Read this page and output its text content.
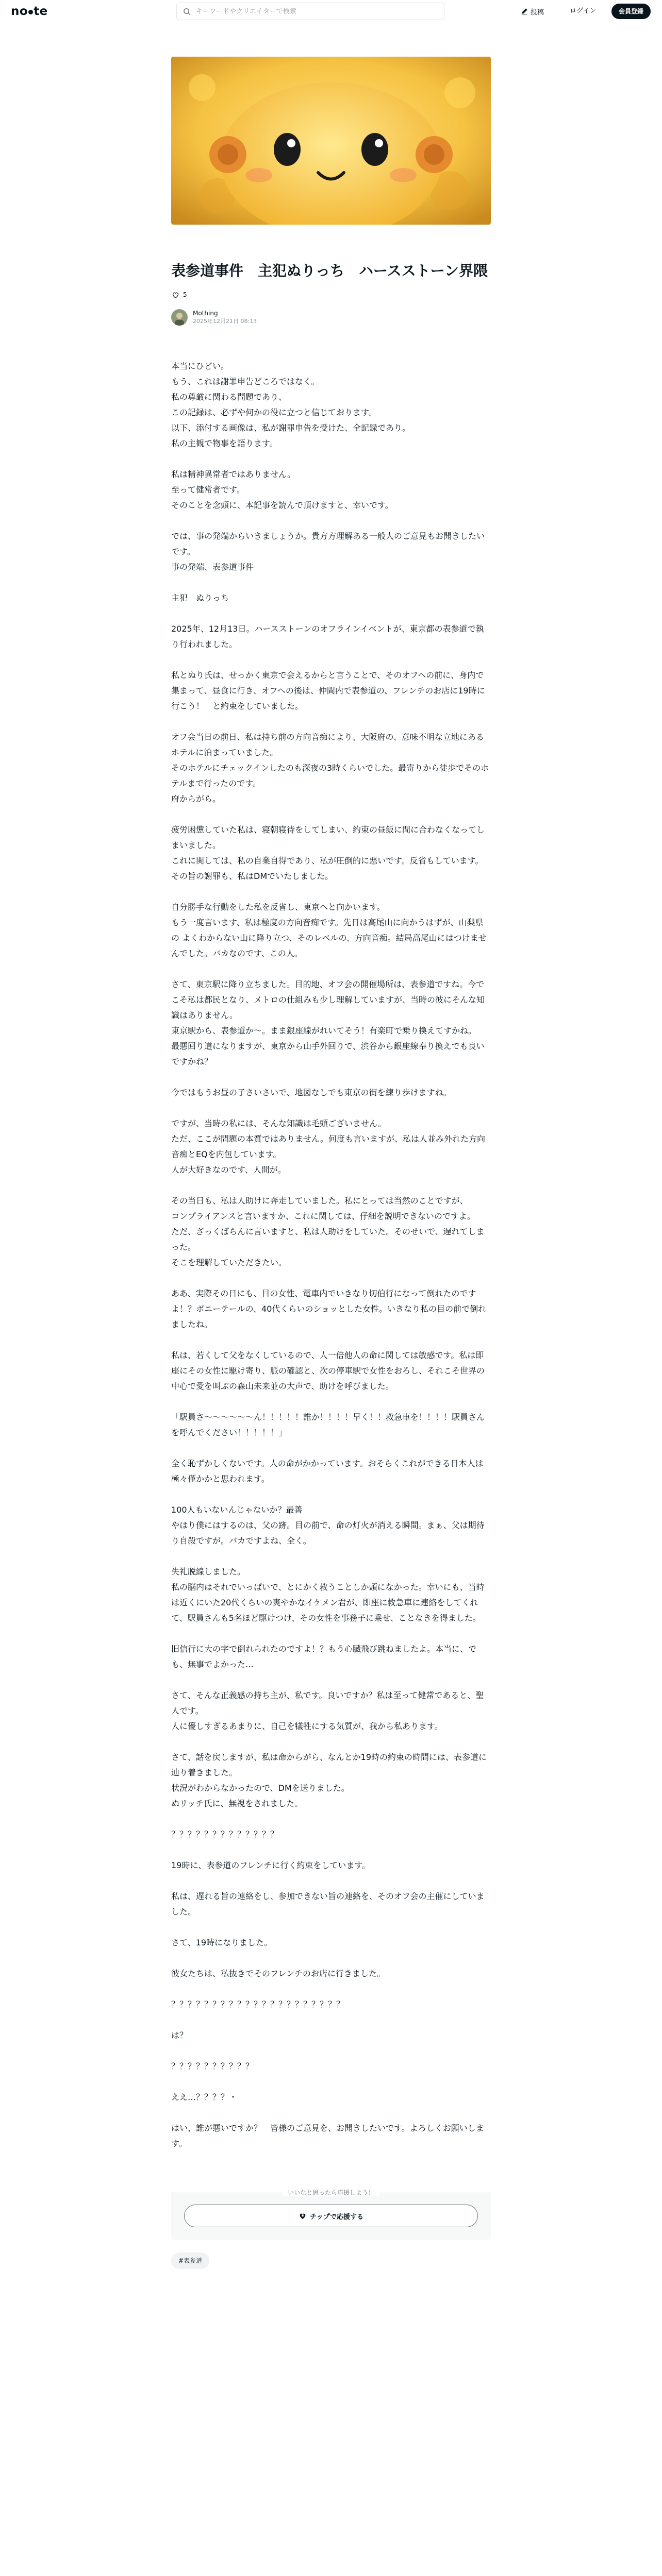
no te
キーワードやクリエイターで検索	投稿	ログイン	会員登録
表参道事件　主犯ぬりっち　ハースストーン界隈
5
Mothing
2025年12月21日 08:13

本当にひどい。
もう、これは謝罪申告どころではなく。
私の尊厳に関わる問題であり、
この記録は、必ずや何かの役に立つと信じております。
以下、添付する画像は、私が謝罪申告を受けた、全記録であり。
私の主観で物事を語ります。

私は精神異常者ではありません。
至って健常者です。
そのことを念頭に、本記事を読んで頂けますと、幸いです。

では、事の発端からいきましょうか。貴方方理解ある一般人のご意見もお聞きしたいです。
事の発端、表参道事件

主犯　ぬりっち

2025年、12月13日。ハースストーンのオフラインイベントが、東京都の表参道で執り行われました。

私とぬり氏は、せっかく東京で会えるからと言うことで、そのオフヘの前に、身内で集まって、昼食に行き、オフヘの後は、仲間内で表参道の、フレンチのお店に19時に行こう！　と約束をしていました。

オフ会当日の前日、私は持ち前の方向音痴により、大阪府の、意味不明な立地にあるホテルに泊まっていました。
そのホテルにチェックインしたのも深夜の3時くらいでした。最寄りから徒歩でそのホテルまで行ったのです。
府からがら。

疲労困憊していた私は、寝朝寝待をしてしまい、約束の昼飯に間に合わなくなってしまいました。
これに関しては、私の自業自得であり、私が圧倒的に悪いです。反省もしています。
その旨の謝罪も、私はDMでいたしました。

自分勝手な行動をした私を反省し、東京へと向かいます。
もう一度言います、私は極度の方向音痴です。先日は高尾山に向かうはずが、山梨県の よくわからない山に降り立つ、そのレベルの、方向音痴。結局高尾山にはつけませんでした。バカなのです、この人。

さて、東京駅に降り立ちました。目的地、オフ会の開催場所は、表参道ですね。今でこそ私は都民となり、メトロの仕組みも少し理解していますが、当時の彼にそんな知識はありません。
東京駅から、表参道か〜。まま銀座線がれいてそう！有楽町で乗り換えてすかね。
最悪回り道になりますが、東京から山手外回りで、渋谷から銀座線奉り換えでも良いですかね？

今ではもうお昼の子さいさいで、地図なしでも東京の街を練り歩けますね。

ですが、当時の私には、そんな知識は毛頭ございません。
ただ、ここが問題の本質ではありません。何度も言いますが、私は人並み外れた方向音痴とEQを内包しています。
人が大好きなのです、人間が。

その当日も、私は人助けに奔走していました。私にとっては当然のことですが、
コンプライアンスと言いますか、これに関しては、仔細を説明できないのですよ。
ただ、ざっくばらんに言いますと、私は人助けをしていた。そのせいで、遅れてしまった。
そこを理解していただきたい。

ああ、実際その日にも、目の女性、電車内でいきなり切伯行になって倒れたのですよ！？ボニーテールの、40代くらいのショッとした女性。いきなり私の目の前で倒れましたね。

私は、若くして父をなくしているので、人一倍他人の命に関しては敏感です。私は即座にその女性に駆け寄り、脈の確認と、次の停車駅で女性をおろし、それこそ世界の中心で愛を叫ぶの森山未来並の大声で、助けを呼びました。

「駅員さ〜〜〜〜〜〜ん！！！！！誰か！！！！早く！！救急車を！！！！駅員さんを呼んでください！！！！！」

全く恥ずかしくないです。人の命がかかっています。おそらくこれができる日本人は極々僅かかと思われます。

100人もいないんじゃないか？最善
やはり僕にはするのは、父の跡。目の前で、命の灯火が消える瞬間。まぁ、父は期待り自殺ですが。バカですよね、全く。

失礼脱線しました。
私の脳内はそれでいっぱいで、とにかく救うことしか頭になかった。幸いにも、当時は近くにいた20代くらいの爽やかなイケメン君が、即座に救急車に連絡をしてくれて、駅員さんも5名ほど駆けつけ、その女性を事務子に乗せ、ことなきを得ました。

旧信行に大の字で倒れられたのですよ！？もう心臓飛び跳ねましたよ。本当に、でも、無事でよかった…

さて、そんな正義感の持ち主が、私です。良いですか？私は至って健常であると、聖人です。
人に優しすぎるあまりに、自己を犠牲にする気質が、我から私あります。

さて、話を戻しますが、私は命からがら、なんとか19時の約束の時間には、表参道に辿り着きました。
状況がわからなかったので、DMを送りました。
ぬリッチ氏に、無視をされました。

？？？？？？？？？？？？？

19時に、表参道のフレンチに行く約束をしています。

私は、遅れる旨の連絡をし、参加できない旨の連絡を、そのオフ会の主催にしていました。

さて、19時になりました。

彼女たちは、私抜きでそのフレンチのお店に行きました。

？？？？？？？？？？？？？？？？？？？？？

は？

？？？？？？？？？？

ええ…？？？？・

はい、誰が悪いですか？　皆様のご意見を、お聞きしたいです。よろしくお願いします。

いいなと思ったら応援しよう！
チップで応援する
#表参道
